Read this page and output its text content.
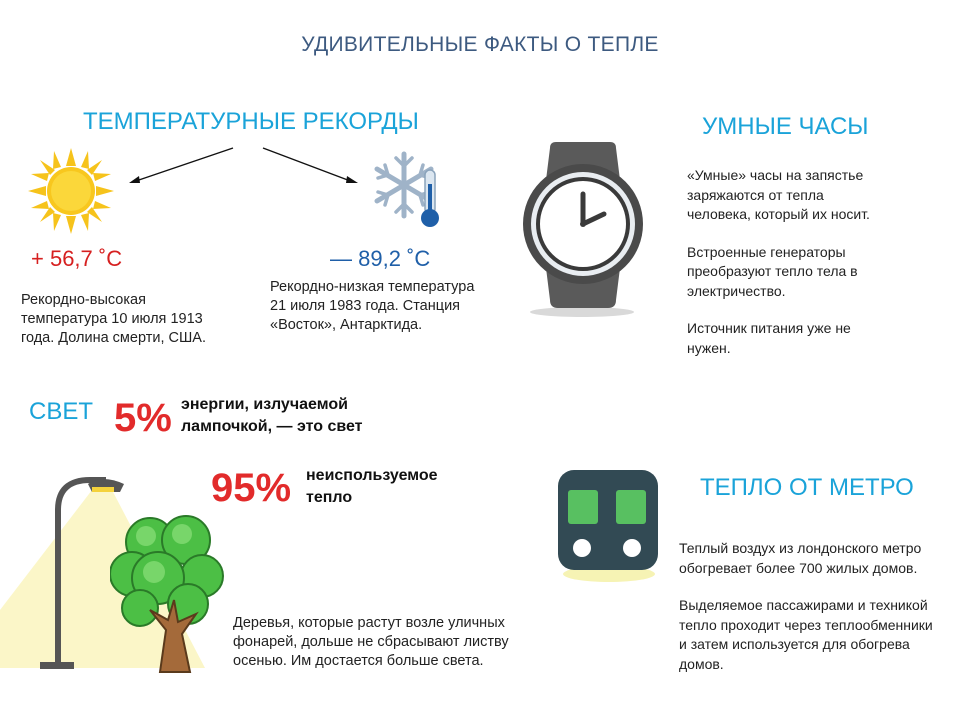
УДИВИТЕЛЬНЫЕ ФАКТЫ О ТЕПЛЕ
ТЕМПЕРАТУРНЫЕ РЕКОРДЫ
+ 56,7 ˚С	— 89,2 ˚С
Рекордно-высокая температура 10 июля 1913 года. Долина смерти, США.
Рекордно-низкая температура 21 июля 1983 года. Станция «Восток», Антарктида.
УМНЫЕ ЧАСЫ

«Умные» часы на запястье заряжаются от тепла человека, который их носит.

Встроенные генераторы преобразуют тепло тела в электричество.

Источник питания уже не нужен.

СВЕТ 5% энергии, излучаемой лампочкой, — это свет
95% неиспользуемое тепло
Деревья, которые растут возле уличных фонарей, дольше не сбрасывают листву осенью. Им достается больше света.
ТЕПЛО ОТ МЕТРО

Теплый воздух из лондонского метро обогревает более 700 жилых домов.

Выделяемое пассажирами и техникой тепло проходит через теплообменники и затем используется для обогрева домов.
